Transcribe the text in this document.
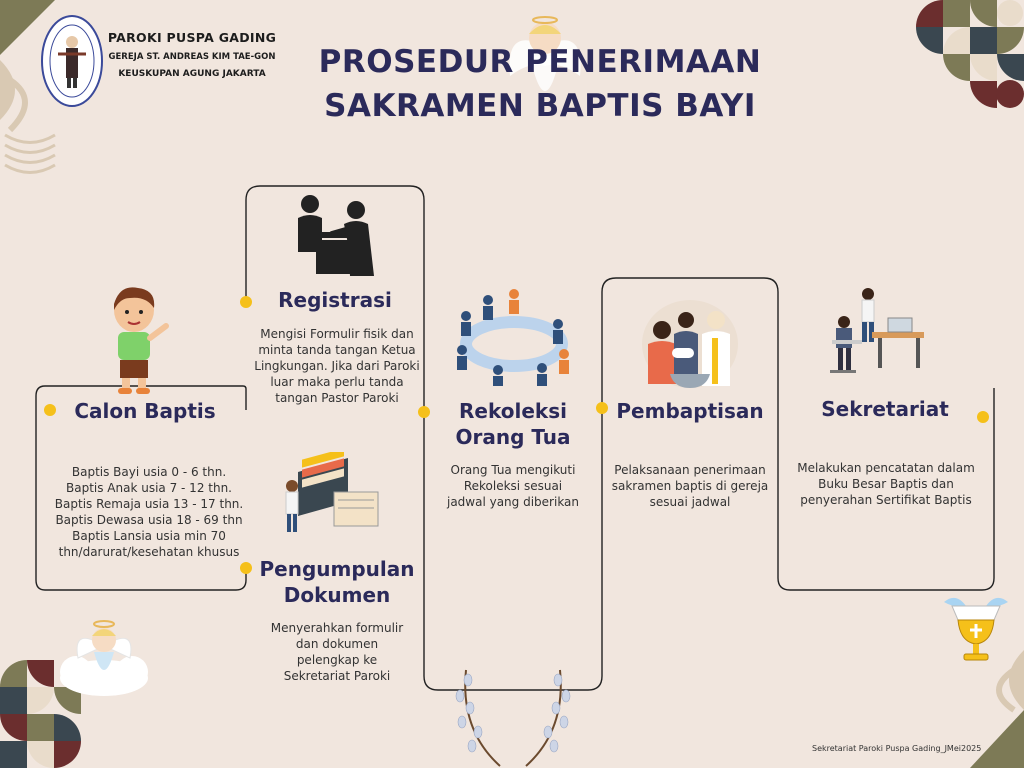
PAROKI PUSPA GADING
GEREJA ST. ANDREAS KIM TAE-GON
KEUSKUPAN AGUNG JAKARTA	PROSEDUR PENERIMAAN
SAKRAMEN BAPTIS BAYI
Calon Baptis
Baptis Bayi usia 0 - 6 thn.
Baptis Anak usia 7 - 12 thn.
Baptis Remaja usia 13 - 17 thn.
Baptis Dewasa usia 18 - 69 thn
Baptis Lansia usia min 70
thn/darurat/kesehatan khusus
Registrasi
Mengisi Formulir fisik dan
minta tanda tangan Ketua
Lingkungan. Jika dari Paroki
luar maka perlu tanda
tangan Pastor Paroki
Pengumpulan
Dokumen
Menyerahkan formulir
dan dokumen
pelengkap ke
Sekretariat Paroki
Rekoleksi
Orang Tua
Orang Tua mengikuti
Rekoleksi sesuai
jadwal yang diberikan
Pembaptisan
Pelaksanaan penerimaan
sakramen baptis di gereja
sesuai jadwal
Sekretariat
Melakukan pencatatan dalam
Buku Besar Baptis dan
penyerahan Sertifikat Baptis
Sekretariat Paroki Puspa Gading_JMei2025
